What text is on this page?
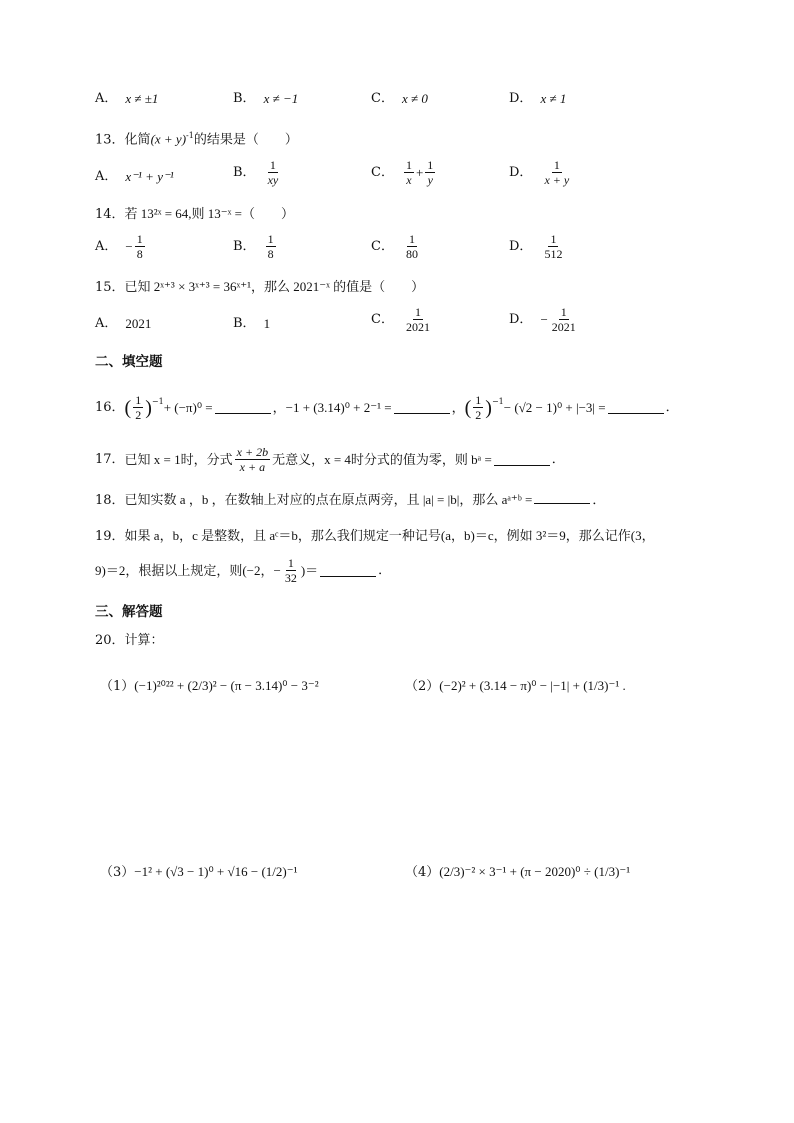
A． x ≠ ±1	B． x ≠ −1	C． x ≠ 0	D． x ≠ 1
13．化简$(x + y)^{-1}$的结果是（　　）
A． x⁻¹ + y⁻¹	B． $\frac{1}{xy}$	C． $\frac{1}{x} + \frac{1}{y}$	D． $\frac{1}{x + y}$
14．若 13²ˣ = 64,则 13⁻ˣ =（　　）
A． − $\frac{1}{8}$	B． $\frac{1}{8}$	C． $\frac{1}{80}$	D． $\frac{1}{512}$
15．已知 2ˣ⁺³ × 3ˣ⁺³ = 36ˣ⁺¹，那么 2021⁻ˣ 的值是（　　）
A． 2021	B． 1	C． $\frac{1}{2021}$	D． − $\frac{1}{2021}$
二、填空题
16． ( $\frac{1}{2} )^{-1} + (-\pi)^0$ =	，−1 + (3.14)⁰ + 2⁻¹ =	， ( $\frac{1}{2} )^{-1} - (√2 - 1)^0 + |-3|$ =	．
17． 已知 x = 1时，分式 $\frac{x + 2b}{x + a}$ 无意义，x = 4时分式的值为零，则 bᵃ =	．
18．已知实数 a ，b ，在数轴上对应的点在原点两旁，且 |a| = |b|，那么 aᵃ⁺ᵇ =	．
19．如果 a，b，c 是整数，且 aᶜ＝b，那么我们规定一种记号(a，b)＝c，例如 3²＝9，那么记作(3，
9)＝2，根据以上规定，则(−2，− $\frac{1}{32}$ )＝	．
三、解答题
20．计算：
（1）(−1)²⁰²² + (2/3)² − (π − 3.14)⁰ − 3⁻²	（2）(−2)² + (3.14 − π)⁰ − |−1| + (1/3)⁻¹ .
（3）−1² + (√3 − 1)⁰ + √16 − (1/2)⁻¹	（4）(2/3)⁻² × 3⁻¹ + (π − 2020)⁰ ÷ (1/3)⁻¹
